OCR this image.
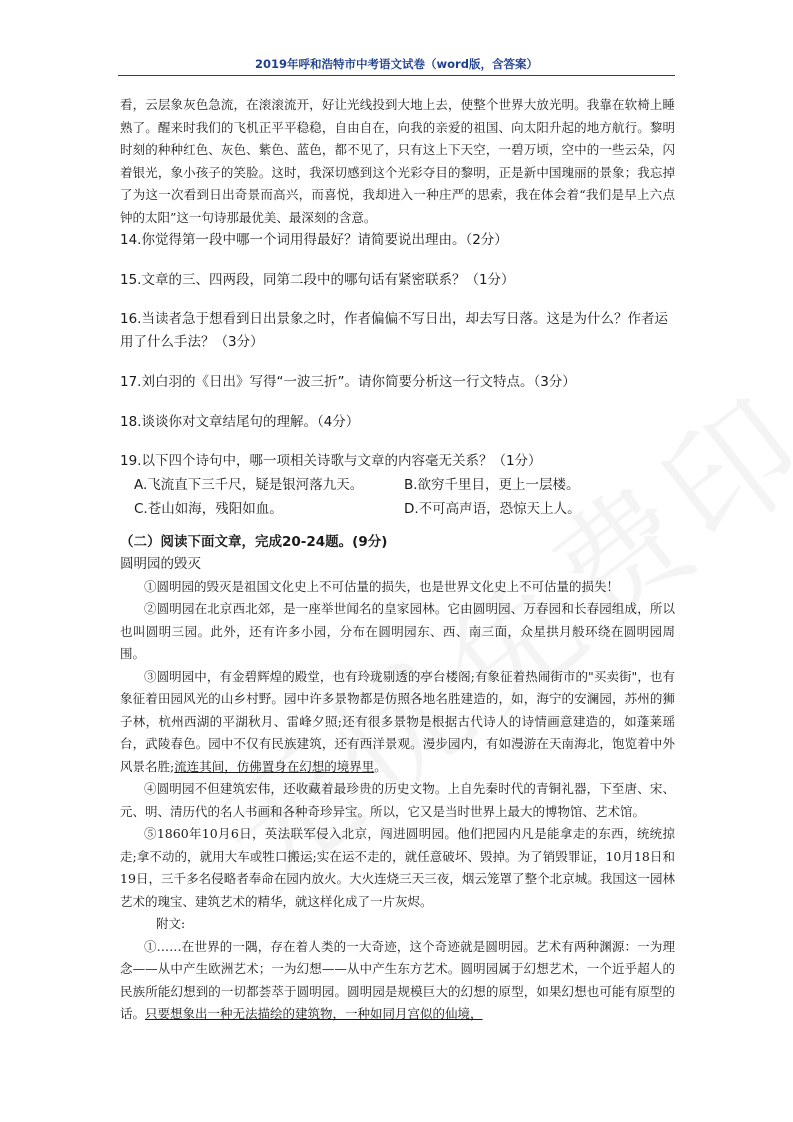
2019年呼和浩特市中考语文试卷（word版，含答案）
看，云层象灰色急流，在滚滚流开，好让光线投到大地上去，使整个世界大放光明。我靠在软椅上睡熟了。醒来时我们的飞机正平平稳稳，自由自在，向我的亲爱的祖国、向太阳升起的地方航行。黎明时刻的种种红色、灰色、紫色、蓝色，都不见了，只有这上下天空，一碧万顷，空中的一些云朵，闪着银光，象小孩子的笑脸。这时，我深切感到这个光彩夺目的黎明，正是新中国瑰丽的景象；我忘掉了为这一次看到日出奇景而高兴，而喜悦，我却进入一种庄严的思索，我在体会着“我们是早上六点钟的太阳”这一句诗那最优美、最深刻的含意。
14.你觉得第一段中哪一个词用得最好？请简要说出理由。（2分）
15.文章的三、四两段，同第二段中的哪句话有紧密联系？（1分）
16.当读者急于想看到日出景象之时，作者偏偏不写日出，却去写日落。这是为什么？作者运用了什么手法？（3分）
17.刘白羽的《日出》写得“一波三折”。请你简要分析这一行文特点。（3分）
18.谈谈你对文章结尾句的理解。（4分）
19.以下四个诗句中，哪一项相关诗歌与文章的内容毫无关系？（1分）
A.飞流直下三千尺，疑是银河落九天。	B.欲穷千里目，更上一层楼。
C.苍山如海，残阳如血。	D.不可高声语，恐惊天上人。
（二）阅读下面文章，完成20-24题。(9分)
圆明园的毁灭
①圆明园的毁灭是祖国文化史上不可估量的损失，也是世界文化史上不可估量的损失！
②圆明园在北京西北郊，是一座举世闻名的皇家园林。它由圆明园、万春园和长春园组成，所以也叫圆明三园。此外，还有许多小园，分布在圆明园东、西、南三面，众星拱月般环绕在圆明园周围。
③圆明园中，有金碧辉煌的殿堂，也有玲珑剔透的亭台楼阁;有象征着热闹街市的"买卖街"，也有象征着田园风光的山乡村野。园中许多景物都是仿照各地名胜建造的，如，海宁的安澜园，苏州的狮子林，杭州西湖的平湖秋月、雷峰夕照;还有很多景物是根据古代诗人的诗情画意建造的，如蓬莱瑶台，武陵春色。园中不仅有民族建筑，还有西洋景观。漫步园内，有如漫游在天南海北，饱览着中外风景名胜;流连其间，仿佛置身在幻想的境界里。
④圆明园不但建筑宏伟，还收藏着最珍贵的历史文物。上自先秦时代的青铜礼器，下至唐、宋、元、明、清历代的名人书画和各种奇珍异宝。所以，它又是当时世界上最大的博物馆、艺术馆。
⑤1860年10月6日，英法联军侵入北京，闯进圆明园。他们把园内凡是能拿走的东西，统统掠走;拿不动的，就用大车或牲口搬运;实在运不走的，就任意破坏、毁掉。为了销毁罪证，10月18日和19日，三千多名侵略者奉命在园内放火。大火连烧三天三夜，烟云笼罩了整个北京城。我国这一园林艺术的瑰宝、建筑艺术的精华，就这样化成了一片灰烬。
附文:
①……在世界的一隅，存在着人类的一大奇迹，这个奇迹就是圆明园。艺术有两种渊源：一为理念——从中产生欧洲艺术；一为幻想——从中产生东方艺术。圆明园属于幻想艺术，一个近乎超人的民族所能幻想到的一切都荟萃于圆明园。圆明园是规模巨大的幻想的原型，如果幻想也可能有原型的话。只要想象出一种无法描绘的建筑物，一种如同月宫似的仙境，
